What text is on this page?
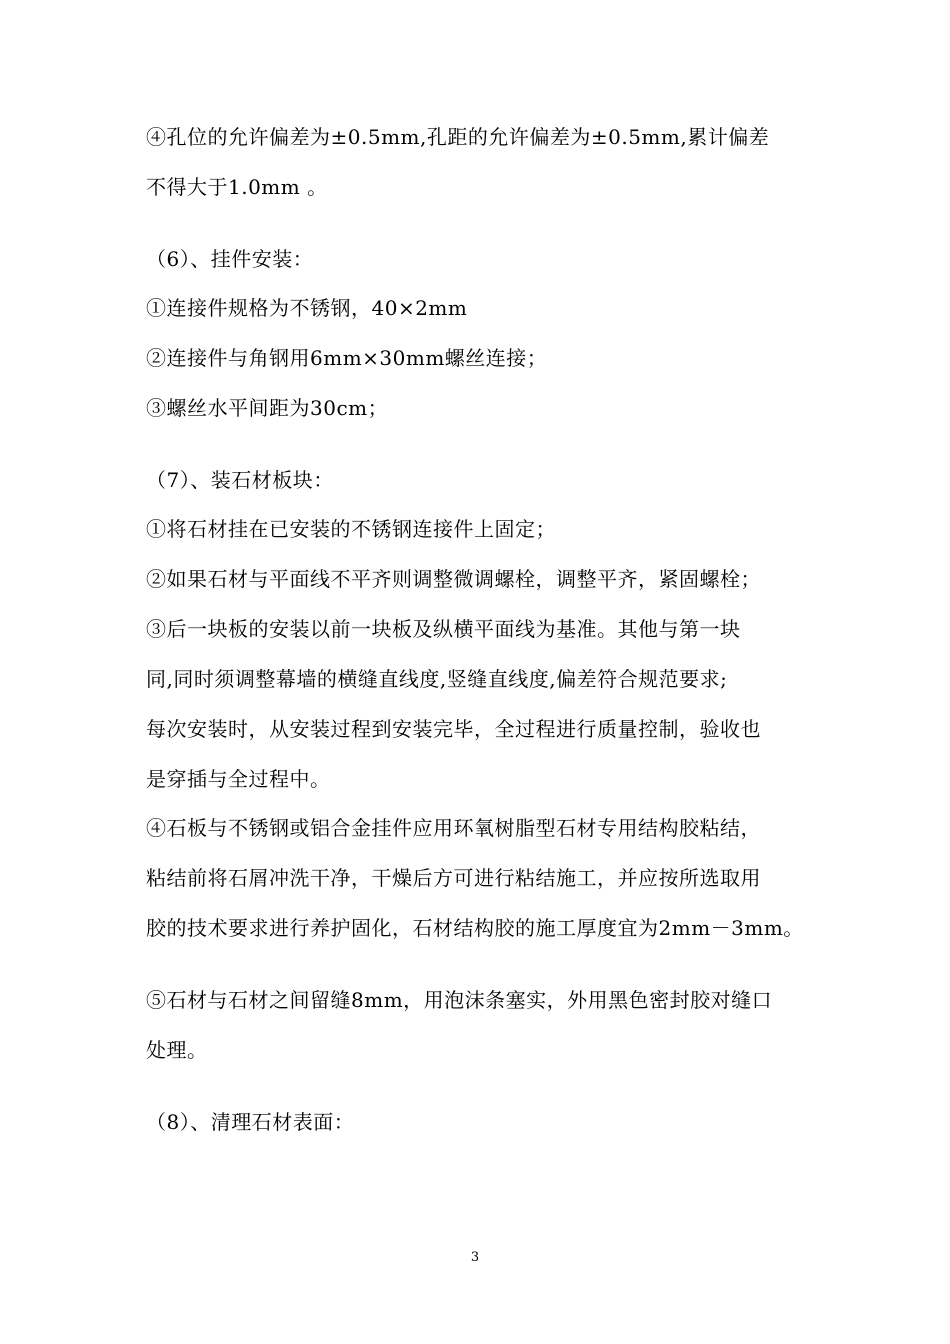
④孔位的允许偏差为±0.5mm,孔距的允许偏差为±0.5mm,累计偏差
不得大于1.0mm 。
（6）、挂件安装：
①连接件规格为不锈钢，40×2mm
②连接件与角钢用6mm×30mm螺丝连接；
③螺丝水平间距为30cm；
（7）、装石材板块：
①将石材挂在已安装的不锈钢连接件上固定；
②如果石材与平面线不平齐则调整微调螺栓，调整平齐，紧固螺栓；
③后一块板的安装以前一块板及纵横平面线为基准。其他与第一块
同,同时须调整幕墙的横缝直线度,竖缝直线度,偏差符合规范要求;
每次安装时，从安装过程到安装完毕，全过程进行质量控制，验收也
是穿插与全过程中。
④石板与不锈钢或铝合金挂件应用环氧树脂型石材专用结构胶粘结，
粘结前将石屑冲洗干净，干燥后方可进行粘结施工，并应按所选取用
胶的技术要求进行养护固化，石材结构胶的施工厚度宜为2mm－3mm。
⑤石材与石材之间留缝8mm，用泡沫条塞实，外用黑色密封胶对缝口
处理。
（8）、清理石材表面：
3
